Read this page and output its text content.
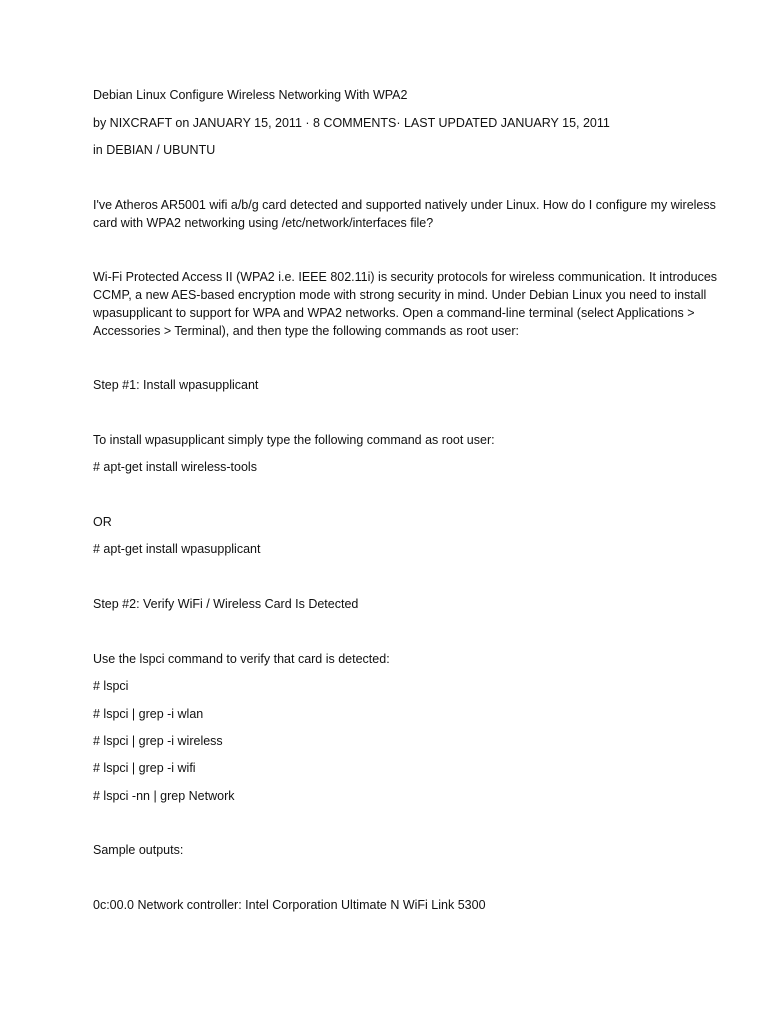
Debian Linux Configure Wireless Networking With WPA2
by NIXCRAFT on JANUARY 15, 2011 · 8 COMMENTS· LAST UPDATED JANUARY 15, 2011
in DEBIAN / UBUNTU
I've Atheros AR5001 wifi a/b/g card detected and supported natively under Linux. How do I configure my wireless card with WPA2 networking using /etc/network/interfaces file?
Wi-Fi Protected Access II (WPA2 i.e. IEEE 802.11i) is security protocols for wireless communication. It introduces CCMP, a new AES-based encryption mode with strong security in mind. Under Debian Linux you need to install wpasupplicant to support for WPA and WPA2 networks. Open a command-line terminal (select Applications > Accessories > Terminal), and then type the following commands as root user:
Step #1: Install wpasupplicant
To install wpasupplicant simply type the following command as root user:
# apt-get install wireless-tools
OR
# apt-get install wpasupplicant
Step #2: Verify WiFi / Wireless Card Is Detected
Use the lspci command to verify that card is detected:
# lspci
# lspci | grep -i wlan
# lspci | grep -i wireless
# lspci | grep -i wifi
# lspci -nn | grep Network
Sample outputs:
0c:00.0 Network controller: Intel Corporation Ultimate N WiFi Link 5300
